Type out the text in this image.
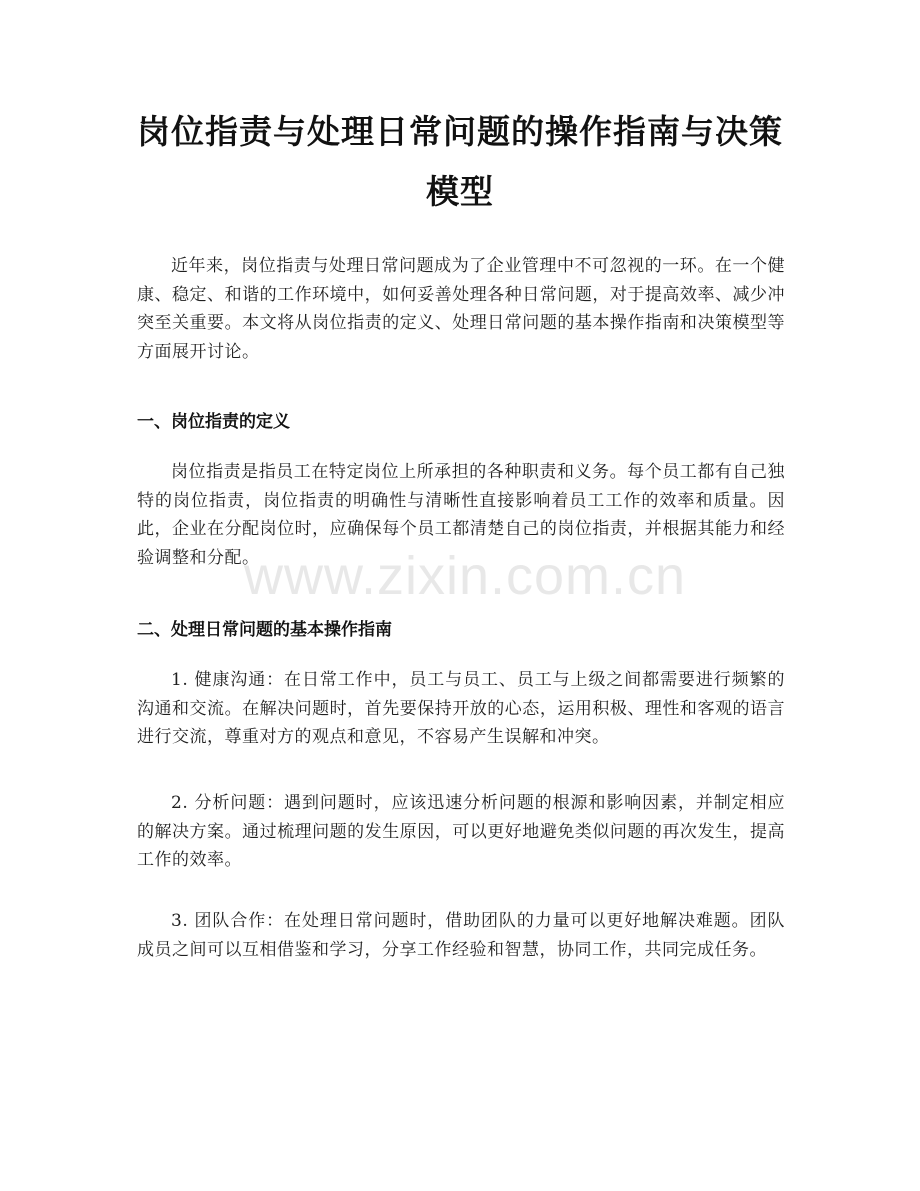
岗位指责与处理日常问题的操作指南与决策
模型

近年来，岗位指责与处理日常问题成为了企业管理中不可忽视的一环。在一个健康、稳定、和谐的工作环境中，如何妥善处理各种日常问题，对于提高效率、减少冲突至关重要。本文将从岗位指责的定义、处理日常问题的基本操作指南和决策模型等方面展开讨论。

一、岗位指责的定义

岗位指责是指员工在特定岗位上所承担的各种职责和义务。每个员工都有自己独特的岗位指责，岗位指责的明确性与清晰性直接影响着员工工作的效率和质量。因此，企业在分配岗位时，应确保每个员工都清楚自己的岗位指责，并根据其能力和经验调整和分配。

二、处理日常问题的基本操作指南

1. 健康沟通：在日常工作中，员工与员工、员工与上级之间都需要进行频繁的沟通和交流。在解决问题时，首先要保持开放的心态，运用积极、理性和客观的语言进行交流，尊重对方的观点和意见，不容易产生误解和冲突。

2. 分析问题：遇到问题时，应该迅速分析问题的根源和影响因素，并制定相应的解决方案。通过梳理问题的发生原因，可以更好地避免类似问题的再次发生，提高工作的效率。

3. 团队合作：在处理日常问题时，借助团队的力量可以更好地解决难题。团队成员之间可以互相借鉴和学习，分享工作经验和智慧，协同工作，共同完成任务。

www.zixin.com.cn
